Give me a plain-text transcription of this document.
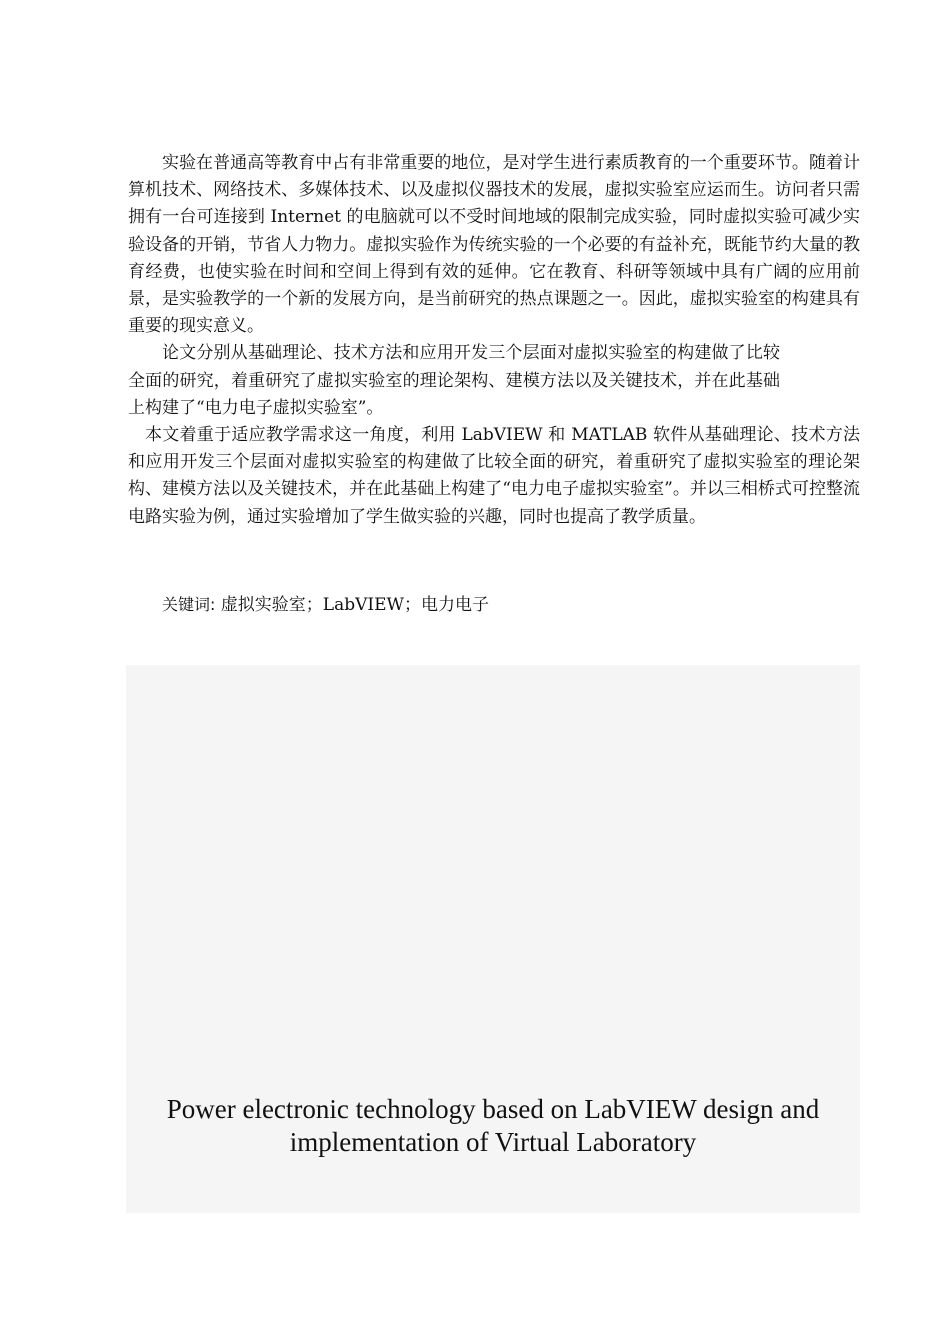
实验在普通高等教育中占有非常重要的地位，是对学生进行素质教育的一个重要环节。随着计算机技术、网络技术、多媒体技术、以及虚拟仪器技术的发展，虚拟实验室应运而生。访问者只需拥有一台可连接到 Internet 的电脑就可以不受时间地域的限制完成实验，同时虚拟实验可减少实验设备的开销，节省人力物力。虚拟实验作为传统实验的一个必要的有益补充，既能节约大量的教育经费，也使实验在时间和空间上得到有效的延伸。它在教育、科研等领域中具有广阔的应用前景，是实验教学的一个新的发展方向，是当前研究的热点课题之一。因此，虚拟实验室的构建具有重要的现实意义。

论文分别从基础理论、技术方法和应用开发三个层面对虚拟实验室的构建做了比较全面的研究，着重研究了虚拟实验室的理论架构、建模方法以及关键技术，并在此基础上构建了“电力电子虚拟实验室”。

本文着重于适应教学需求这一角度，利用 LabVIEW 和 MATLAB 软件从基础理论、技术方法和应用开发三个层面对虚拟实验室的构建做了比较全面的研究，着重研究了虚拟实验室的理论架构、建模方法以及关键技术，并在此基础上构建了“电力电子虚拟实验室”。并以三相桥式可控整流电路实验为例，通过实验增加了学生做实验的兴趣，同时也提高了教学质量。

关键词: 虚拟实验室；LabVIEW；电力电子
Power electronic technology based on LabVIEW design and
implementation of Virtual Laboratory
